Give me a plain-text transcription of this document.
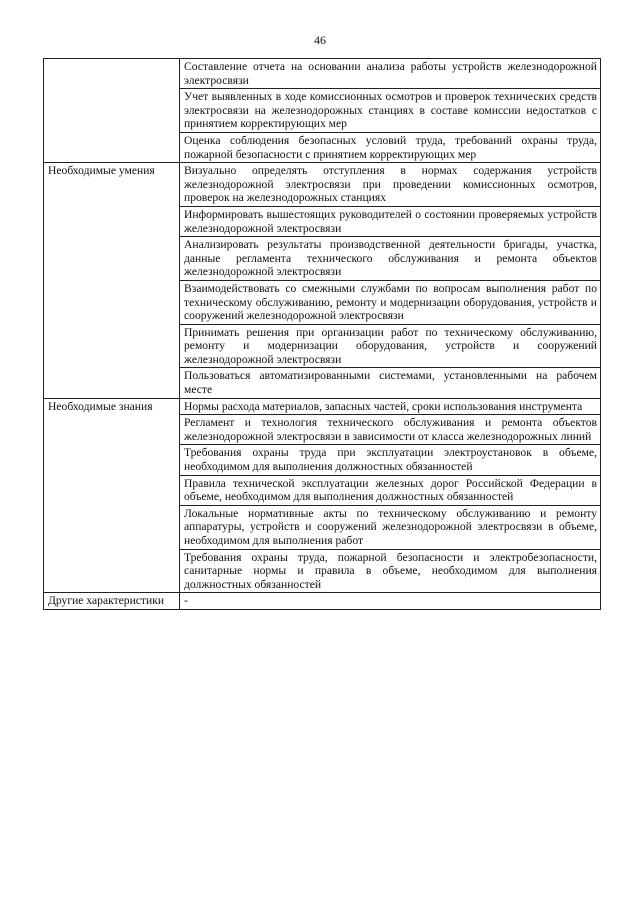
46
	Составление отчета на основании анализа работы устройств железнодорожной электросвязи
	Учет выявленных в ходе комиссионных осмотров и проверок технических средств электросвязи на железнодорожных станциях в составе комиссии недостатков с принятием корректирующих мер
	Оценка соблюдения безопасных условий труда, требований охраны труда, пожарной безопасности с принятием корректирующих мер
Необходимые умения	Визуально определять отступления в нормах содержания устройств железнодорожной электросвязи при проведении комиссионных осмотров, проверок на железнодорожных станциях
	Информировать вышестоящих руководителей о состоянии проверяемых устройств железнодорожной электросвязи
	Анализировать результаты производственной деятельности бригады, участка, данные регламента технического обслуживания и ремонта объектов железнодорожной электросвязи
	Взаимодействовать со смежными службами по вопросам выполнения работ по техническому обслуживанию, ремонту и модернизации оборудования, устройств и сооружений железнодорожной электросвязи
	Принимать решения при организации работ по техническому обслуживанию, ремонту и модернизации оборудования, устройств и сооружений железнодорожной электросвязи
	Пользоваться автоматизированными системами, установленными на рабочем месте
Необходимые знания	Нормы расхода материалов, запасных частей, сроки использования инструмента
	Регламент и технология технического обслуживания и ремонта объектов железнодорожной электросвязи в зависимости от класса железнодорожных линий
	Требования охраны труда при эксплуатации электроустановок в объеме, необходимом для выполнения должностных обязанностей
	Правила технической эксплуатации железных дорог Российской Федерации в объеме, необходимом для выполнения должностных обязанностей
	Локальные нормативные акты по техническому обслуживанию и ремонту аппаратуры, устройств и сооружений железнодорожной электросвязи в объеме, необходимом для выполнения работ
	Требования охраны труда, пожарной безопасности и электробезопасности, санитарные нормы и правила в объеме, необходимом для выполнения должностных обязанностей
Другие характеристики	-
